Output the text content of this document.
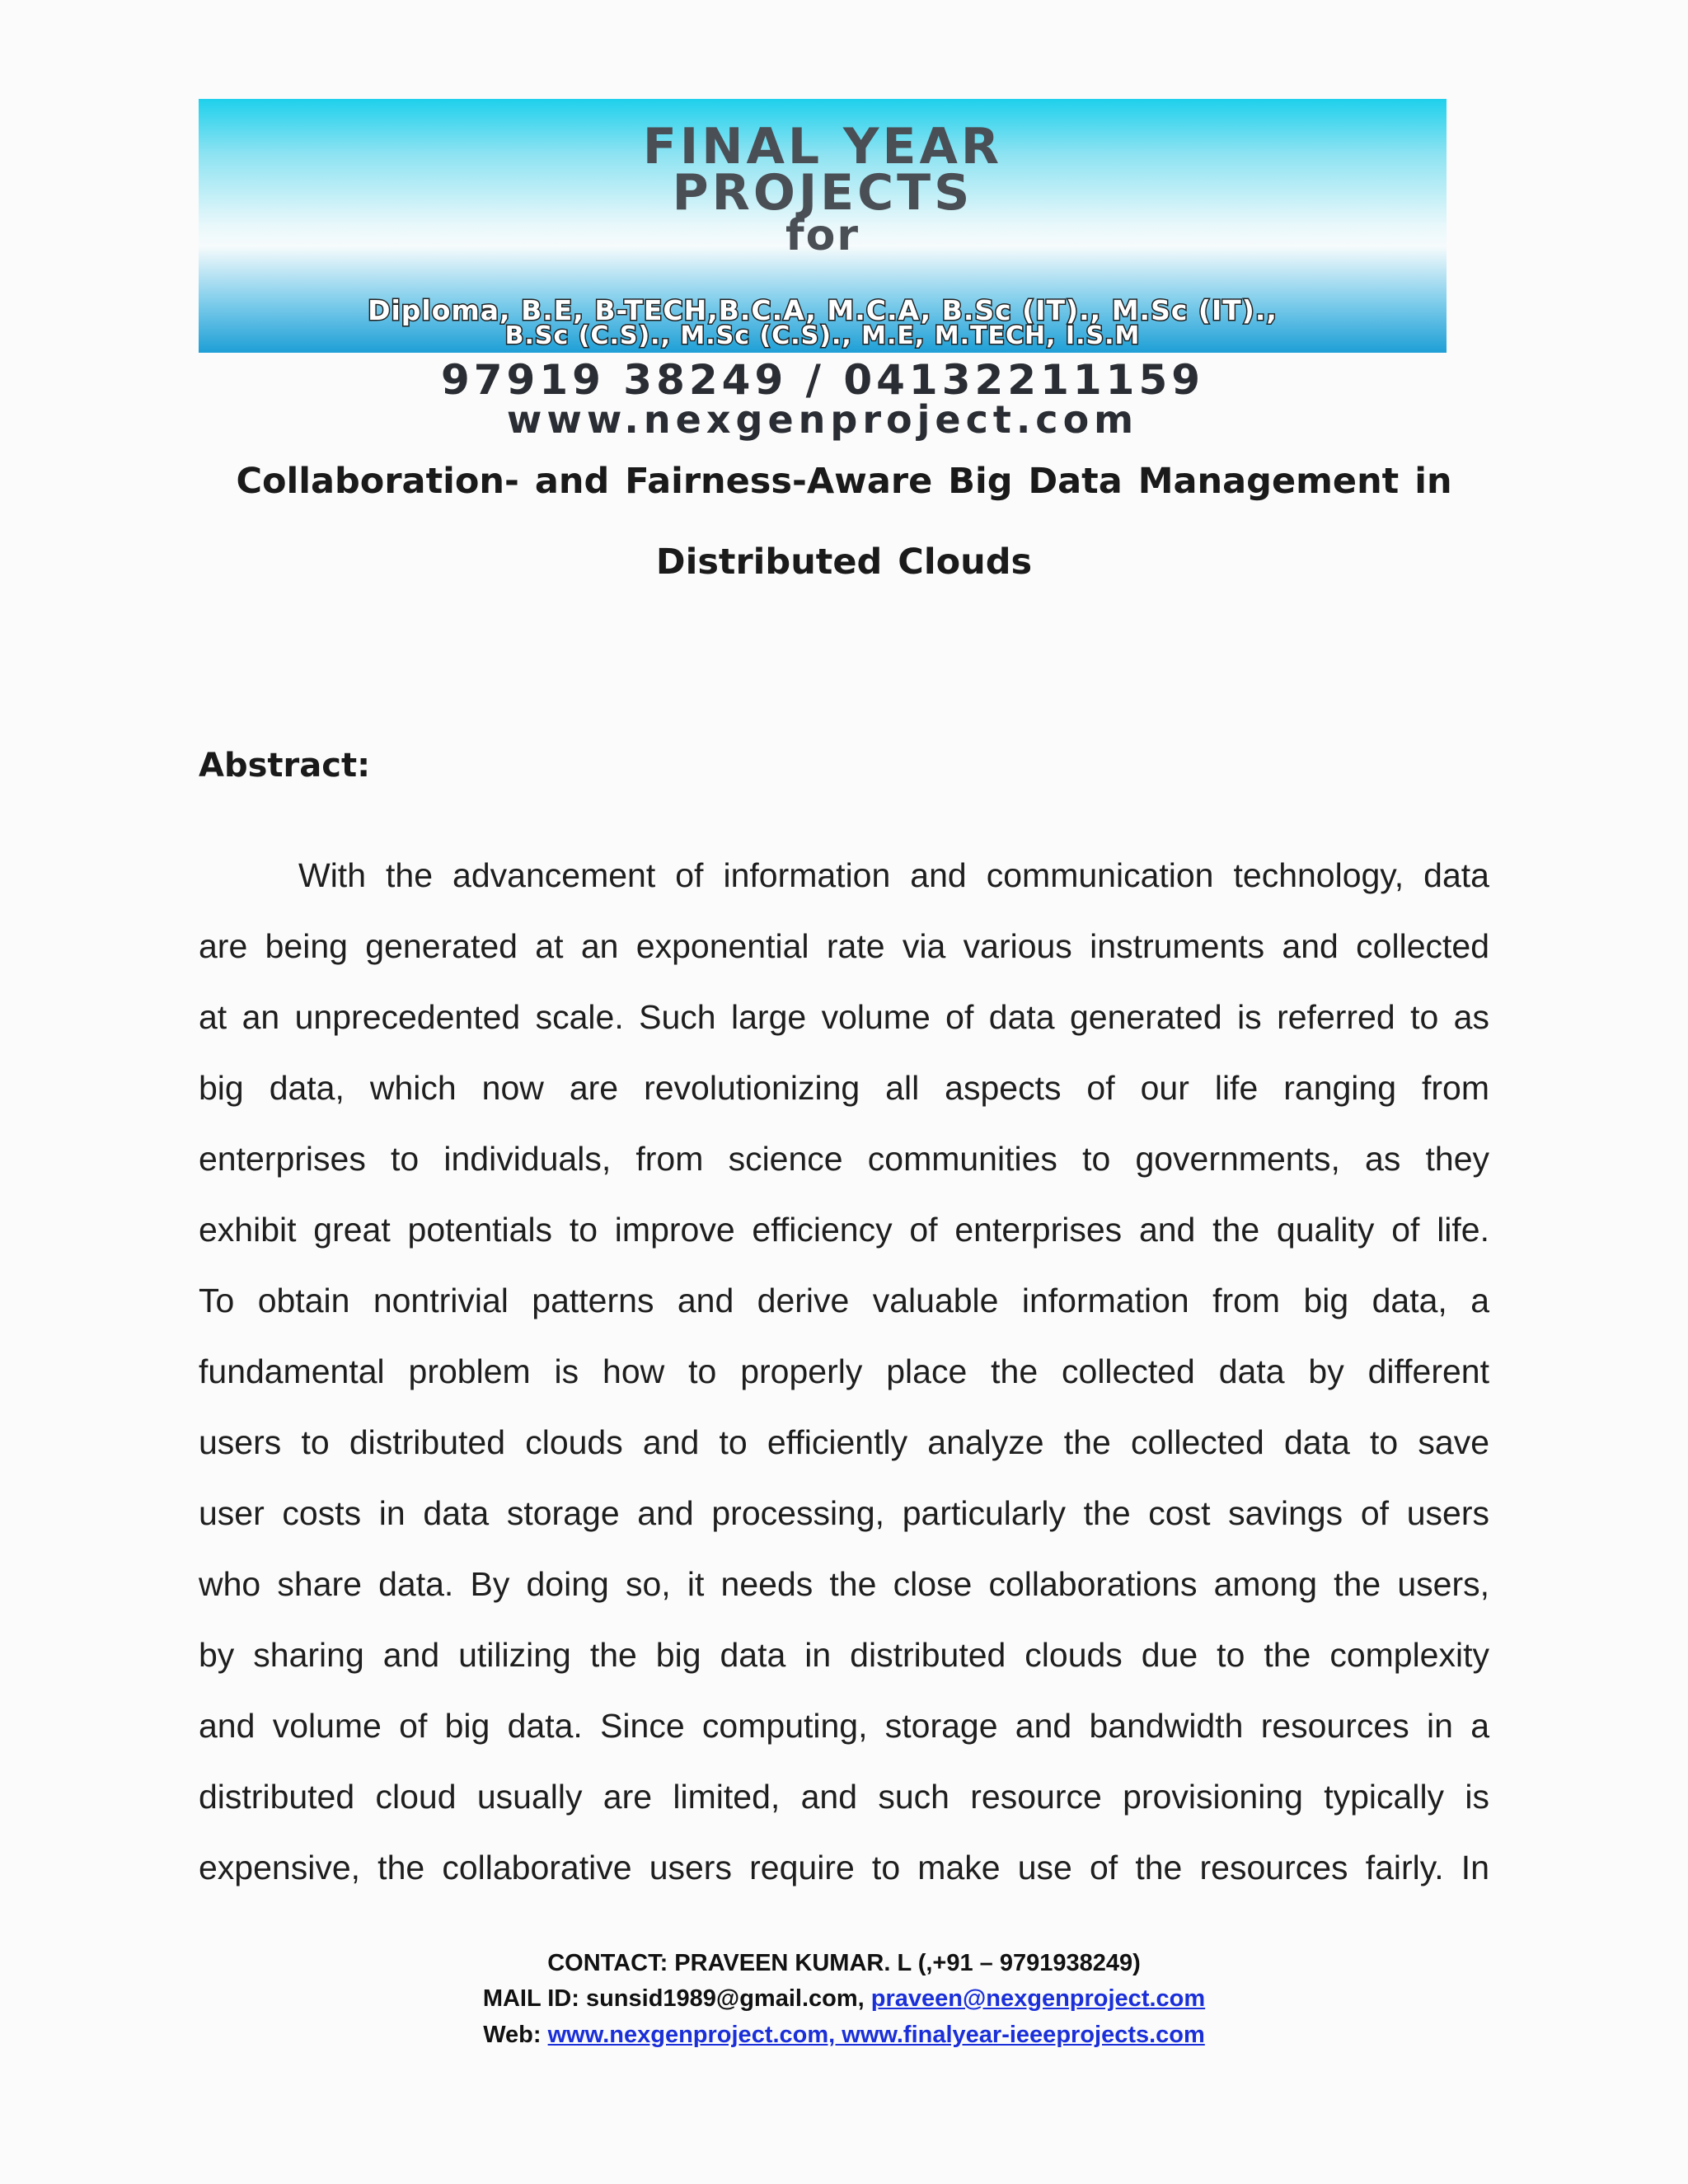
FINAL YEAR
PROJECTS
for
Diploma, B.E, B-TECH,B.C.A, M.C.A, B.Sc (IT)., M.Sc (IT).,
B.Sc (C.S)., M.Sc (C.S)., M.E, M.TECH, I.S.M
97919 38249 / 04132211159
www.nexgenproject.com
Collaboration- and Fairness-Aware Big Data Management in
Distributed Clouds
Abstract:
With the advancement of information and communication technology, data
are being generated at an exponential rate via various instruments and collected
at an unprecedented scale. Such large volume of data generated is referred to as
big data, which now are revolutionizing all aspects of our life ranging from
enterprises to individuals, from science communities to governments, as they
exhibit great potentials to improve efficiency of enterprises and the quality of life.
To obtain nontrivial patterns and derive valuable information from big data, a
fundamental problem is how to properly place the collected data by different
users to distributed clouds and to efficiently analyze the collected data to save
user costs in data storage and processing, particularly the cost savings of users
who share data. By doing so, it needs the close collaborations among the users,
by sharing and utilizing the big data in distributed clouds due to the complexity
and volume of big data. Since computing, storage and bandwidth resources in a
distributed cloud usually are limited, and such resource provisioning typically is
expensive, the collaborative users require to make use of the resources fairly. In
CONTACT: PRAVEEN KUMAR. L (,+91 – 9791938249)
MAIL ID: sunsid1989@gmail.com, praveen@nexgenproject.com
Web: www.nexgenproject.com, www.finalyear-ieeeprojects.com
